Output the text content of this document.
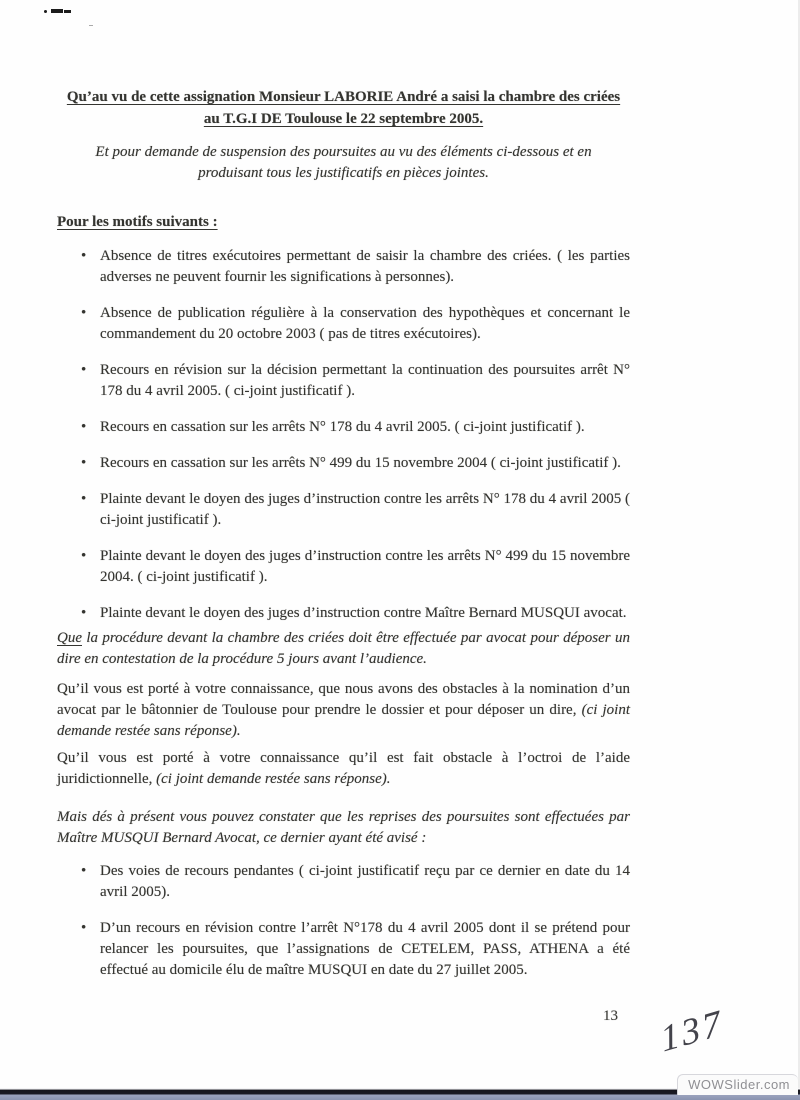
Qu’au vu de cette assignation Monsieur LABORIE André a saisi la chambre des criées
au T.G.I DE Toulouse le 22 septembre 2005.

Et pour demande de suspension des poursuites au vu des éléments ci-dessous et en produisant tous les justificatifs en pièces jointes.

Pour les motifs suivants :

• Absence de titres exécutoires permettant de saisir la chambre des criées. ( les parties adverses ne peuvent fournir les significations à personnes).
• Absence de publication régulière à la conservation des hypothèques et concernant le commandement du 20 octobre 2003 ( pas de titres exécutoires).
• Recours en révision sur la décision permettant la continuation des poursuites arrêt N° 178 du 4 avril 2005. ( ci-joint justificatif ).
• Recours en cassation sur les arrêts N° 178 du 4 avril 2005. ( ci-joint justificatif ).
• Recours en cassation sur les arrêts N° 499 du 15 novembre 2004 ( ci-joint justificatif ).
• Plainte devant le doyen des juges d’instruction contre les arrêts N° 178 du 4 avril 2005 ( ci-joint justificatif ).
• Plainte devant le doyen des juges d’instruction contre les arrêts N° 499 du 15 novembre 2004. ( ci-joint justificatif ).
• Plainte devant le doyen des juges d’instruction contre Maître Bernard MUSQUI avocat.

Que la procédure devant la chambre des criées doit être effectuée par avocat pour déposer un dire en contestation de la procédure 5 jours avant l’audience.

Qu’il vous est porté à votre connaissance, que nous avons des obstacles à la nomination d’un avocat par le bâtonnier de Toulouse pour prendre le dossier et pour déposer un dire, (ci joint demande restée sans réponse).

Qu’il vous est porté à votre connaissance qu’il est fait obstacle à l’octroi de l’aide juridictionnelle, (ci joint demande restée sans réponse).

Mais dés à présent vous pouvez constater que les reprises des poursuites sont effectuées par Maître MUSQUI Bernard Avocat, ce dernier ayant été avisé :

• Des voies de recours pendantes ( ci-joint justificatif reçu par ce dernier en date du 14 avril 2005).
• D’un recours en révision contre l’arrêt N°178 du 4 avril 2005 dont il se prétend pour relancer les poursuites, que l’assignations de CETELEM, PASS, ATHENA a été effectué au domicile élu de maître MUSQUI en date du 27 juillet 2005.
13 137
WOWSlider.com
